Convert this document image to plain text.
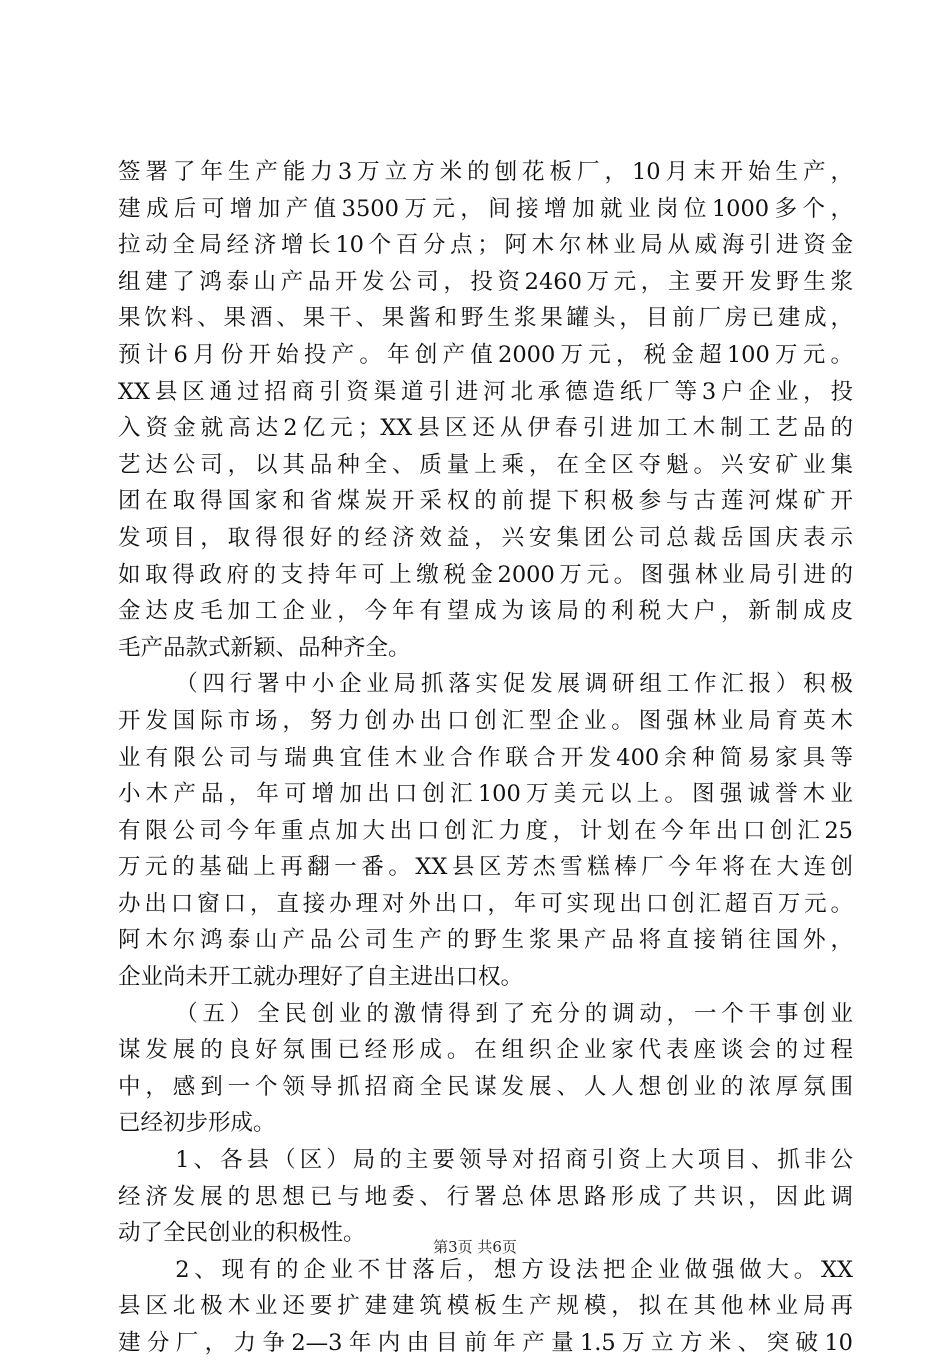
签署了年生产能力3万立方米的刨花板厂，10月末开始生产，
建成后可增加产值3500万元，间接增加就业岗位1000多个，
拉动全局经济增长10个百分点；阿木尔林业局从威海引进资金
组建了鸿泰山产品开发公司，投资2460万元，主要开发野生浆
果饮料、果酒、果干、果酱和野生浆果罐头，目前厂房已建成，
预计6月份开始投产。年创产值2000万元，税金超100万元。
XX县区通过招商引资渠道引进河北承德造纸厂等3户企业，投
入资金就高达2亿元；XX县区还从伊春引进加工木制工艺品的
艺达公司，以其品种全、质量上乘，在全区夺魁。兴安矿业集
团在取得国家和省煤炭开采权的前提下积极参与古莲河煤矿开
发项目，取得很好的经济效益，兴安集团公司总裁岳国庆表示
如取得政府的支持年可上缴税金2000万元。图强林业局引进的
金达皮毛加工企业，今年有望成为该局的利税大户，新制成皮
毛产品款式新颖、品种齐全。
（四行署中小企业局抓落实促发展调研组工作汇报）积极
开发国际市场，努力创办出口创汇型企业。图强林业局育英木
业有限公司与瑞典宜佳木业合作联合开发400余种简易家具等
小木产品，年可增加出口创汇100万美元以上。图强诚誉木业
有限公司今年重点加大出口创汇力度，计划在今年出口创汇25
万元的基础上再翻一番。XX县区芳杰雪糕棒厂今年将在大连创
办出口窗口，直接办理对外出口，年可实现出口创汇超百万元。
阿木尔鸿泰山产品公司生产的野生浆果产品将直接销往国外，
企业尚未开工就办理好了自主进出口权。
（五）全民创业的激情得到了充分的调动，一个干事创业
谋发展的良好氛围已经形成。在组织企业家代表座谈会的过程
中，感到一个领导抓招商全民谋发展、人人想创业的浓厚氛围
已经初步形成。
1、各县（区）局的主要领导对招商引资上大项目、抓非公
经济发展的思想已与地委、行署总体思路形成了共识，因此调
动了全民创业的积极性。
2、现有的企业不甘落后，想方设法把企业做强做大。XX
县区北极木业还要扩建建筑模板生产规模，拟在其他林业局再
建分厂，力争2—3年内由目前年产量1.5万立方米、突破10
第3页 共6页
